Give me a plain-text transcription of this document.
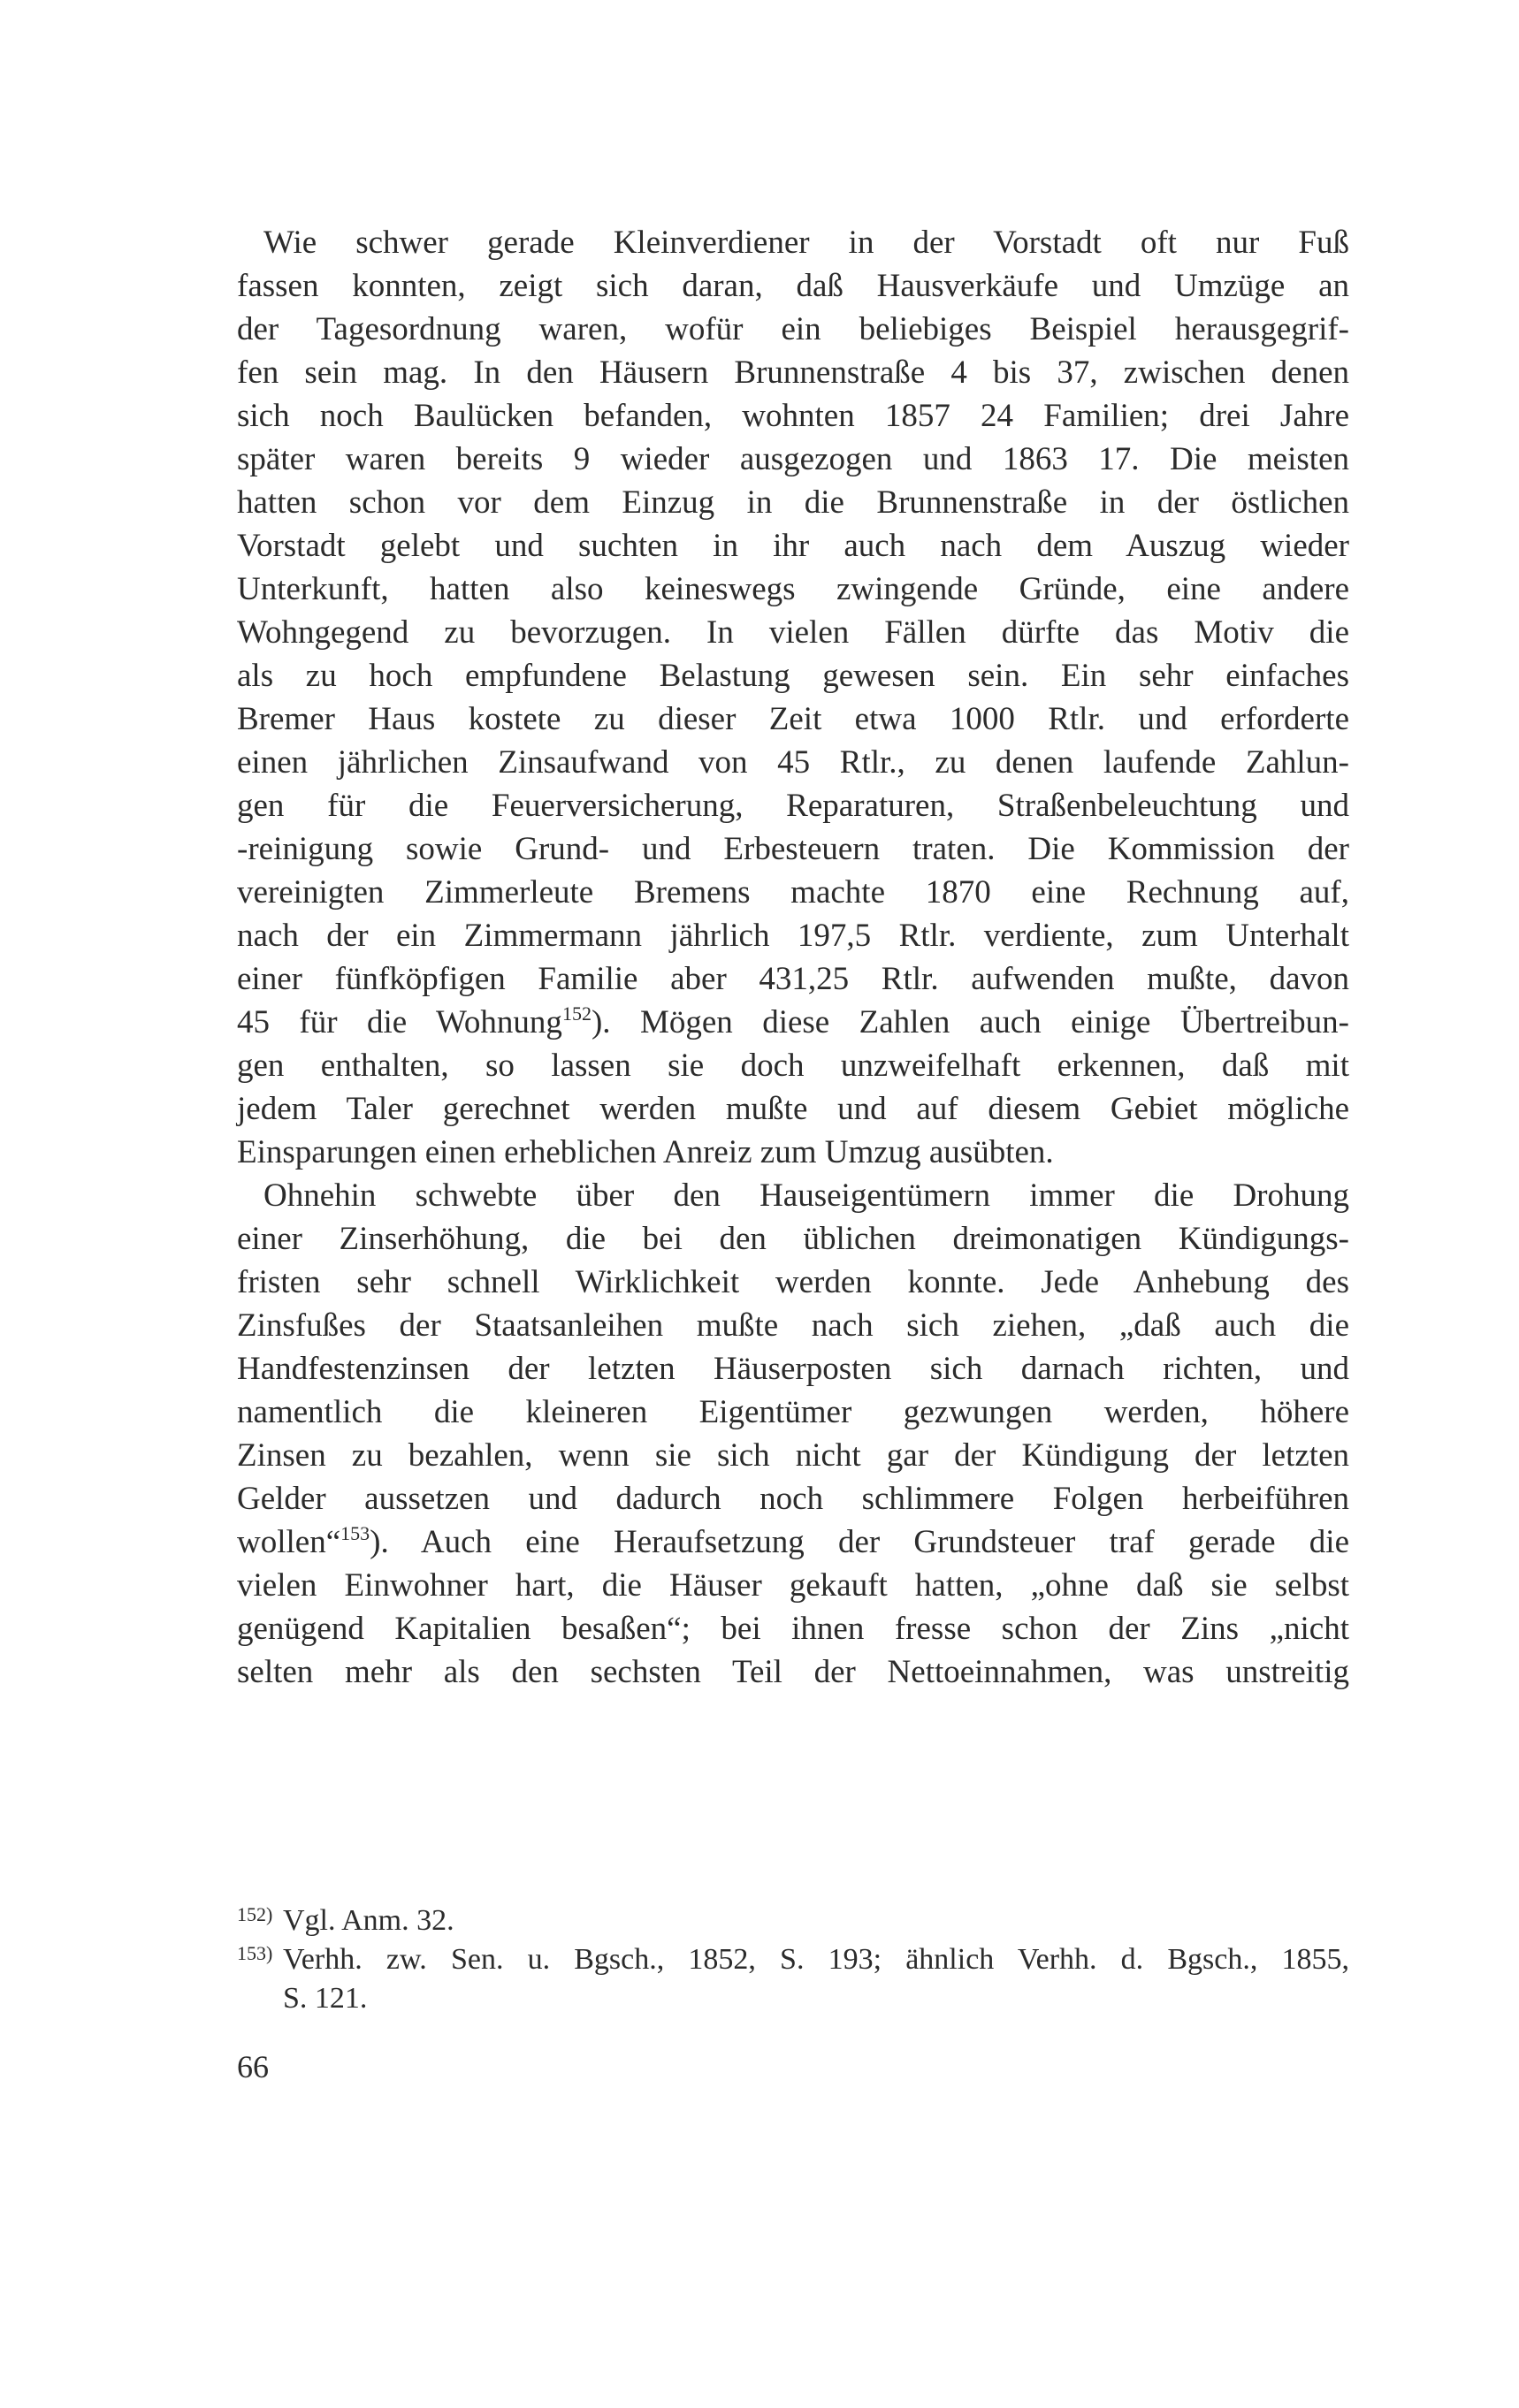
Wie schwer gerade Kleinverdiener in der Vorstadt oft nur Fuß
fassen konnten, zeigt sich daran, daß Hausverkäufe und Umzüge an
der Tagesordnung waren, wofür ein beliebiges Beispiel herausgegrif-
fen sein mag. In den Häusern Brunnenstraße 4 bis 37, zwischen denen
sich noch Baulücken befanden, wohnten 1857 24 Familien; drei Jahre
später waren bereits 9 wieder ausgezogen und 1863 17. Die meisten
hatten schon vor dem Einzug in die Brunnenstraße in der östlichen
Vorstadt gelebt und suchten in ihr auch nach dem Auszug wieder
Unterkunft, hatten also keineswegs zwingende Gründe, eine andere
Wohngegend zu bevorzugen. In vielen Fällen dürfte das Motiv die
als zu hoch empfundene Belastung gewesen sein. Ein sehr einfaches
Bremer Haus kostete zu dieser Zeit etwa 1000 Rtlr. und erforderte
einen jährlichen Zinsaufwand von 45 Rtlr., zu denen laufende Zahlun-
gen für die Feuerversicherung, Reparaturen, Straßenbeleuchtung und
-reinigung sowie Grund- und Erbesteuern traten. Die Kommission der
vereinigten Zimmerleute Bremens machte 1870 eine Rechnung auf,
nach der ein Zimmermann jährlich 197,5 Rtlr. verdiente, zum Unterhalt
einer fünfköpfigen Familie aber 431,25 Rtlr. aufwenden mußte, davon
45 für die Wohnung$^{152}$). Mögen diese Zahlen auch einige Übertreibun-
gen enthalten, so lassen sie doch unzweifelhaft erkennen, daß mit
jedem Taler gerechnet werden mußte und auf diesem Gebiet mögliche
Einsparungen einen erheblichen Anreiz zum Umzug ausübten.
Ohnehin schwebte über den Hauseigentümern immer die Drohung
einer Zinserhöhung, die bei den üblichen dreimonatigen Kündigungs-
fristen sehr schnell Wirklichkeit werden konnte. Jede Anhebung des
Zinsfußes der Staatsanleihen mußte nach sich ziehen, „daß auch die
Handfestenzinsen der letzten Häuserposten sich darnach richten, und
namentlich die kleineren Eigentümer gezwungen werden, höhere
Zinsen zu bezahlen, wenn sie sich nicht gar der Kündigung der letzten
Gelder aussetzen und dadurch noch schlimmere Folgen herbeiführen
wollen“$^{153}$). Auch eine Heraufsetzung der Grundsteuer traf gerade die
vielen Einwohner hart, die Häuser gekauft hatten, „ohne daß sie selbst
genügend Kapitalien besaßen“; bei ihnen fresse schon der Zins „nicht
selten mehr als den sechsten Teil der Nettoeinnahmen, was unstreitig
152) Vgl. Anm. 32.
153) Verhh. zw. Sen. u. Bgsch., 1852, S. 193; ähnlich Verhh. d. Bgsch., 1855,
S. 121.
66
